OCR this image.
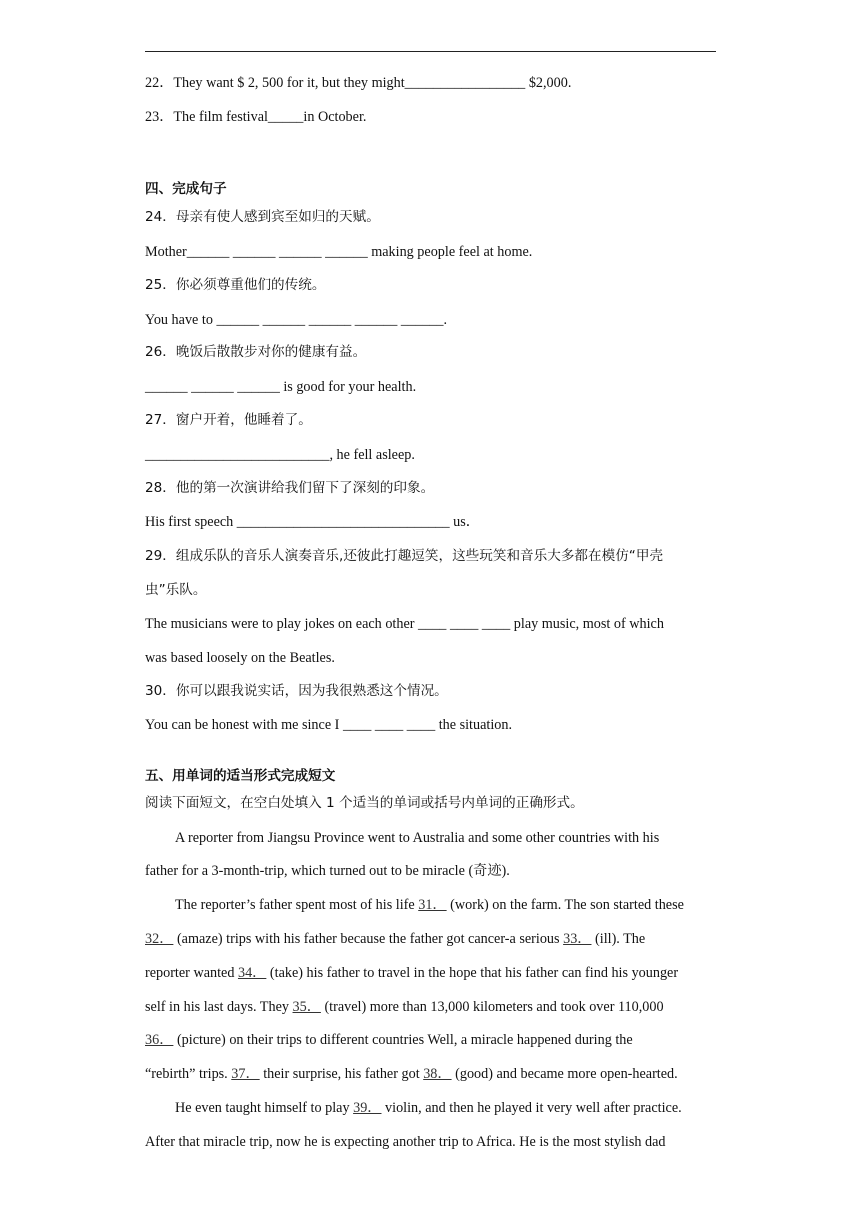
22．They want $ 2, 500 for it, but they might_________________ $2,000.
23．The film festival_____in October.
四、完成句子
24．母亲有使人感到宾至如归的天赋。
Mother______ ______ ______ ______ making people feel at home.
25．你必须尊重他们的传统。
You have to ______ ______ ______ ______ ______.
26．晚饭后散散步对你的健康有益。
______ ______ ______ is good for your health.
27．窗户开着，他睡着了。
__________________________, he fell asleep.
28．他的第一次演讲给我们留下了深刻的印象。
His first speech ______________________________ us．
29．组成乐队的音乐人演奏音乐,还彼此打趣逗笑，这些玩笑和音乐大多都在模仿“甲壳
虫”乐队。
The musicians were to play jokes on each other ____ ____ ____ play music, most of which
was based loosely on the Beatles.
30．你可以跟我说实话，因为我很熟悉这个情况。
You can be honest with me since I ____ ____ ____ the situation.
五、用单词的适当形式完成短文
阅读下面短文，在空白处填入 1 个适当的单词或括号内单词的正确形式。
A reporter from Jiangsu Province went to Australia and some other countries with his
father for a 3-month-trip, which turned out to be miracle (奇迹).
The reporter’s father spent most of his life 31． (work) on the farm. The son started these
32． (amaze) trips with his father because the father got cancer-a serious 33． (ill). The
reporter wanted 34． (take) his father to travel in the hope that his father can find his younger
self in his last days. They 35． (travel) more than 13,000 kilometers and took over 110,000
36． (picture) on their trips to different countries Well, a miracle happened during the
“rebirth” trips. 37． their surprise, his father got 38． (good) and became more open-hearted.
He even taught himself to play 39． violin, and then he played it very well after practice.
After that miracle trip, now he is expecting another trip to Africa. He is the most stylish dad
